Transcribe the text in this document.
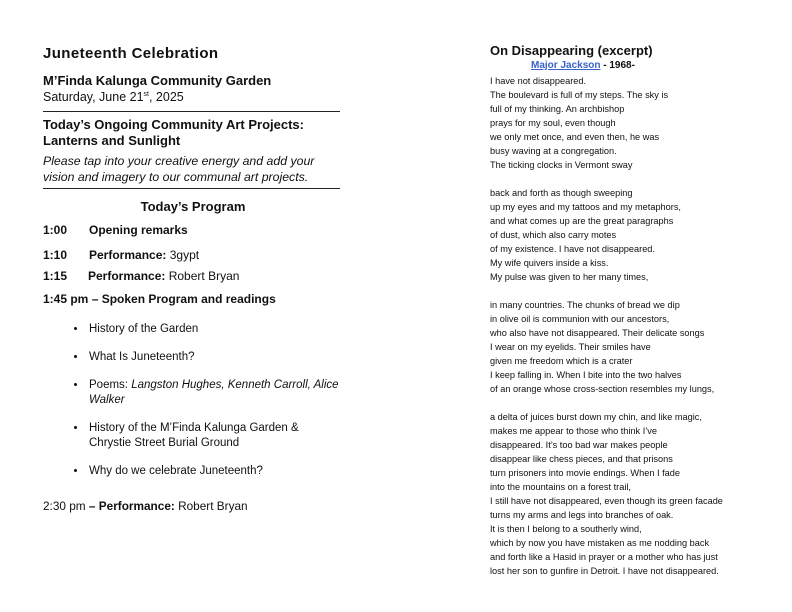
Juneteenth Celebration
M’Finda Kalunga Community Garden
Saturday, June 21st, 2025
Today’s Ongoing Community Art Projects:
Lanterns and Sunlight
Please tap into your creative energy and add your
vision and imagery to our communal art projects.
Today’s Program
1:00 Opening remarks
1:10 Performance: 3gypt
1:15 Performance: Robert Bryan
1:45 pm – Spoken Program and readings
• History of the Garden
• What Is Juneteenth?
• Poems: Langston Hughes, Kenneth Carroll, Alice Walker
• History of the M’Finda Kalunga Garden & Chrystie Street Burial Ground
• Why do we celebrate Juneteenth?
2:30 pm – Performance: Robert Bryan
On Disappearing (excerpt)
Major Jackson - 1968-
I have not disappeared.
The boulevard is full of my steps. The sky is
full of my thinking. An archbishop
prays for my soul, even though
we only met once, and even then, he was
busy waving at a congregation.
The ticking clocks in Vermont sway
back and forth as though sweeping
up my eyes and my tattoos and my metaphors,
and what comes up are the great paragraphs
of dust, which also carry motes
of my existence. I have not disappeared.
My wife quivers inside a kiss.
My pulse was given to her many times,
in many countries. The chunks of bread we dip
in olive oil is communion with our ancestors,
who also have not disappeared. Their delicate songs
I wear on my eyelids. Their smiles have
given me freedom which is a crater
I keep falling in. When I bite into the two halves
of an orange whose cross-section resembles my lungs,
a delta of juices burst down my chin, and like magic,
makes me appear to those who think I’ve
disappeared. It’s too bad war makes people
disappear like chess pieces, and that prisons
turn prisoners into movie endings. When I fade
into the mountains on a forest trail,
I still have not disappeared, even though its green facade
turns my arms and legs into branches of oak.
It is then I belong to a southerly wind,
which by now you have mistaken as me nodding back
and forth like a Hasid in prayer or a mother who has just
lost her son to gunfire in Detroit. I have not disappeared.
